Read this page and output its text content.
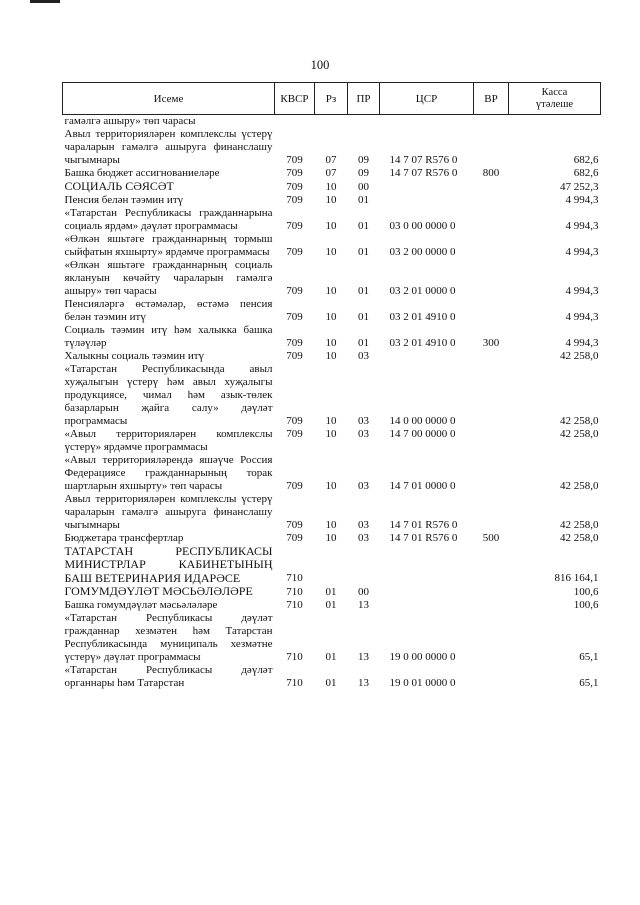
100
Исеме	КВСР	Рз	ПР	ЦСР	ВР	Касса
үтәлеше
гамәлгә ашыру» төп чарасы						
Авыл территорияләрен комплекслы үстерү чараларын гамәлгә ашыруга финанслашу чыгымнары	709	07	09	14 7 07 R576 0		682,6
Башка бюджет ассигнованиеләре	709	07	09	14 7 07 R576 0	800	682,6
СОЦИАЛЬ СӘЯСӘТ	709	10	00			47 252,3
Пенсия белән тәэмин итү	709	10	01			4 994,3
«Татарстан Республикасы гражданнарына социаль ярдәм» дәүләт программасы	709	10	01	03 0 00 0000 0		4 994,3
«Өлкән яшьтәге гражданнарның тормыш сыйфатын яхшырту» ярдәмче программасы	709	10	01	03 2 00 0000 0		4 994,3
«Өлкән яшьтәге гражданнарның социаль яклануын көчәйту чараларын гамәлгә ашыру» төп чарасы	709	10	01	03 2 01 0000 0		4 994,3
Пенсияләргә өстәмәләр, өстәмә пенсия белән тәэмин итү	709	10	01	03 2 01 4910 0		4 994,3
Социаль тәэмин итү һәм халыкка башка түләүләр	709	10	01	03 2 01 4910 0	300	4 994,3
Халыкны социаль тәэмин итү	709	10	03			42 258,0
«Татарстан Республикасында авыл хуҗалыгын үстерү һәм авыл хуҗалыгы продукциясе, чимал һәм азык-төлек базарларын җайга салу» дәүләт программасы	709	10	03	14 0 00 0000 0		42 258,0
«Авыл территорияләрен комплекслы үстерү» ярдәмче программасы	709	10	03	14 7 00 0000 0		42 258,0
«Авыл территорияләрендә яшәүче Россия Федерациясе гражданнарының торак шартларын яхшырту» төп чарасы	709	10	03	14 7 01 0000 0		42 258,0
Авыл территорияләрен комплекслы үстерү чараларын гамәлгә ашыруга финанслашу чыгымнары	709	10	03	14 7 01 R576 0		42 258,0
Бюджетара трансфертлар	709	10	03	14 7 01 R576 0	500	42 258,0
ТАТАРСТАН РЕСПУБЛИКАСЫ МИНИСТРЛАР КАБИНЕТЫНЫҢ БАШ ВЕТЕРИНАРИЯ ИДАРӘСЕ	710					816 164,1
ГОМУМДӘҮЛӘТ МӘСЬӘЛӘЛӘРЕ	710	01	00			100,6
Башка гомумдәүләт мәсьәләләре	710	01	13			100,6
«Татарстан Республикасы дәүләт гражданнар хезмәтен һәм Татарстан Республикасында муниципаль хезмәтне үстерү» дәүләт программасы	710	01	13	19 0 00 0000 0		65,1
«Татарстан Республикасы дәүләт органнары һәм Татарстан	710	01	13	19 0 01 0000 0		65,1
